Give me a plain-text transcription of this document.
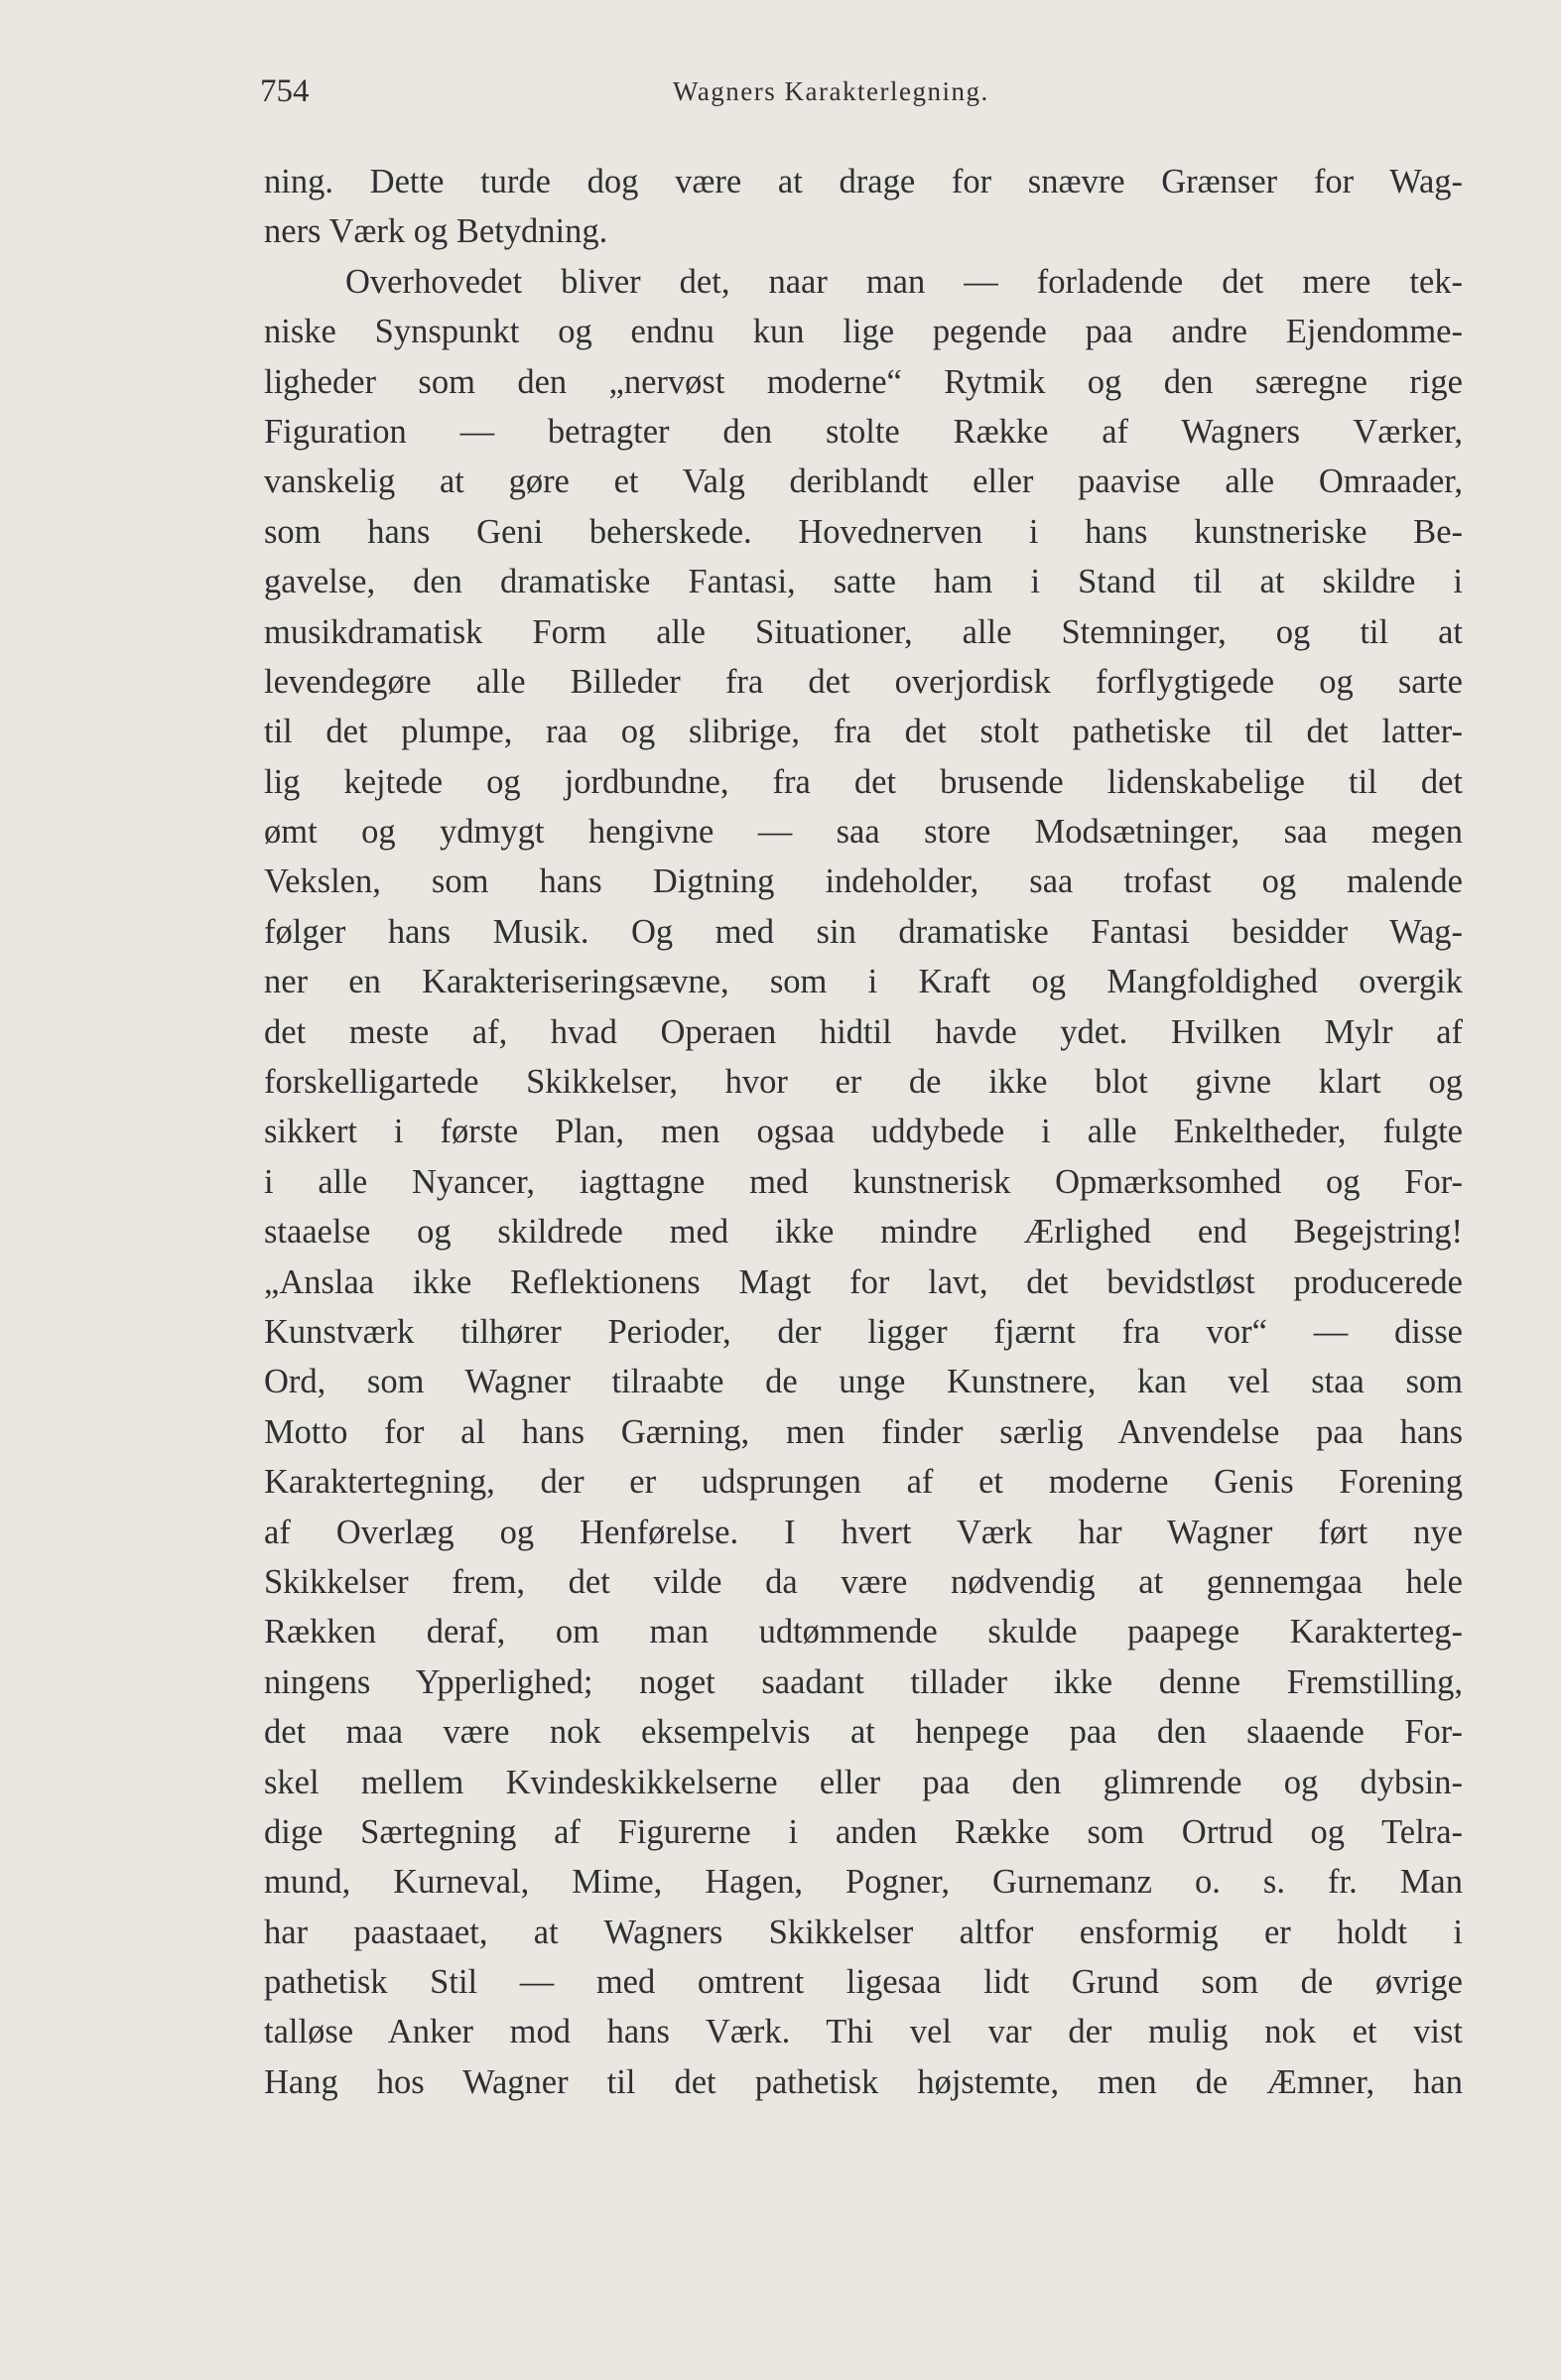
754	Wagners Karakterlegning.
ning. Dette turde dog være at drage for snævre Grænser for Wag-
ners Værk og Betydning.
Overhovedet bliver det, naar man — forladende det mere tek-
niske Synspunkt og endnu kun lige pegende paa andre Ejendomme-
ligheder som den „nervøst moderne“ Rytmik og den særegne rige
Figuration — betragter den stolte Række af Wagners Værker,
vanskelig at gøre et Valg deriblandt eller paavise alle Omraader,
som hans Geni beherskede. Hovednerven i hans kunstneriske Be-
gavelse, den dramatiske Fantasi, satte ham i Stand til at skildre i
musikdramatisk Form alle Situationer, alle Stemninger, og til at
levendegøre alle Billeder fra det overjordisk forflygtigede og sarte
til det plumpe, raa og slibrige, fra det stolt pathetiske til det latter-
lig kejtede og jordbundne, fra det brusende lidenskabelige til det
ømt og ydmygt hengivne — saa store Modsætninger, saa megen
Vekslen, som hans Digtning indeholder, saa trofast og malende
følger hans Musik. Og med sin dramatiske Fantasi besidder Wag-
ner en Karakteriseringsævne, som i Kraft og Mangfoldighed overgik
det meste af, hvad Operaen hidtil havde ydet. Hvilken Mylr af
forskelligartede Skikkelser, hvor er de ikke blot givne klart og
sikkert i første Plan, men ogsaa uddybede i alle Enkeltheder, fulgte
i alle Nyancer, iagttagne med kunstnerisk Opmærksomhed og For-
staaelse og skildrede med ikke mindre Ærlighed end Begejstring!
„Anslaa ikke Reflektionens Magt for lavt, det bevidstløst producerede
Kunstværk tilhører Perioder, der ligger fjærnt fra vor“ — disse
Ord, som Wagner tilraabte de unge Kunstnere, kan vel staa som
Motto for al hans Gærning, men finder særlig Anvendelse paa hans
Karaktertegning, der er udsprungen af et moderne Genis Forening
af Overlæg og Henførelse. I hvert Værk har Wagner ført nye
Skikkelser frem, det vilde da være nødvendig at gennemgaa hele
Rækken deraf, om man udtømmende skulde paapege Karakterteg-
ningens Ypperlighed; noget saadant tillader ikke denne Fremstilling,
det maa være nok eksempelvis at henpege paa den slaaende For-
skel mellem Kvindeskikkelserne eller paa den glimrende og dybsin-
dige Særtegning af Figurerne i anden Række som Ortrud og Telra-
mund, Kurneval, Mime, Hagen, Pogner, Gurnemanz o. s. fr. Man
har paastaaet, at Wagners Skikkelser altfor ensformig er holdt i
pathetisk Stil — med omtrent ligesaa lidt Grund som de øvrige
talløse Anker mod hans Værk. Thi vel var der mulig nok et vist
Hang hos Wagner til det pathetisk højstemte, men de Æmner, han
